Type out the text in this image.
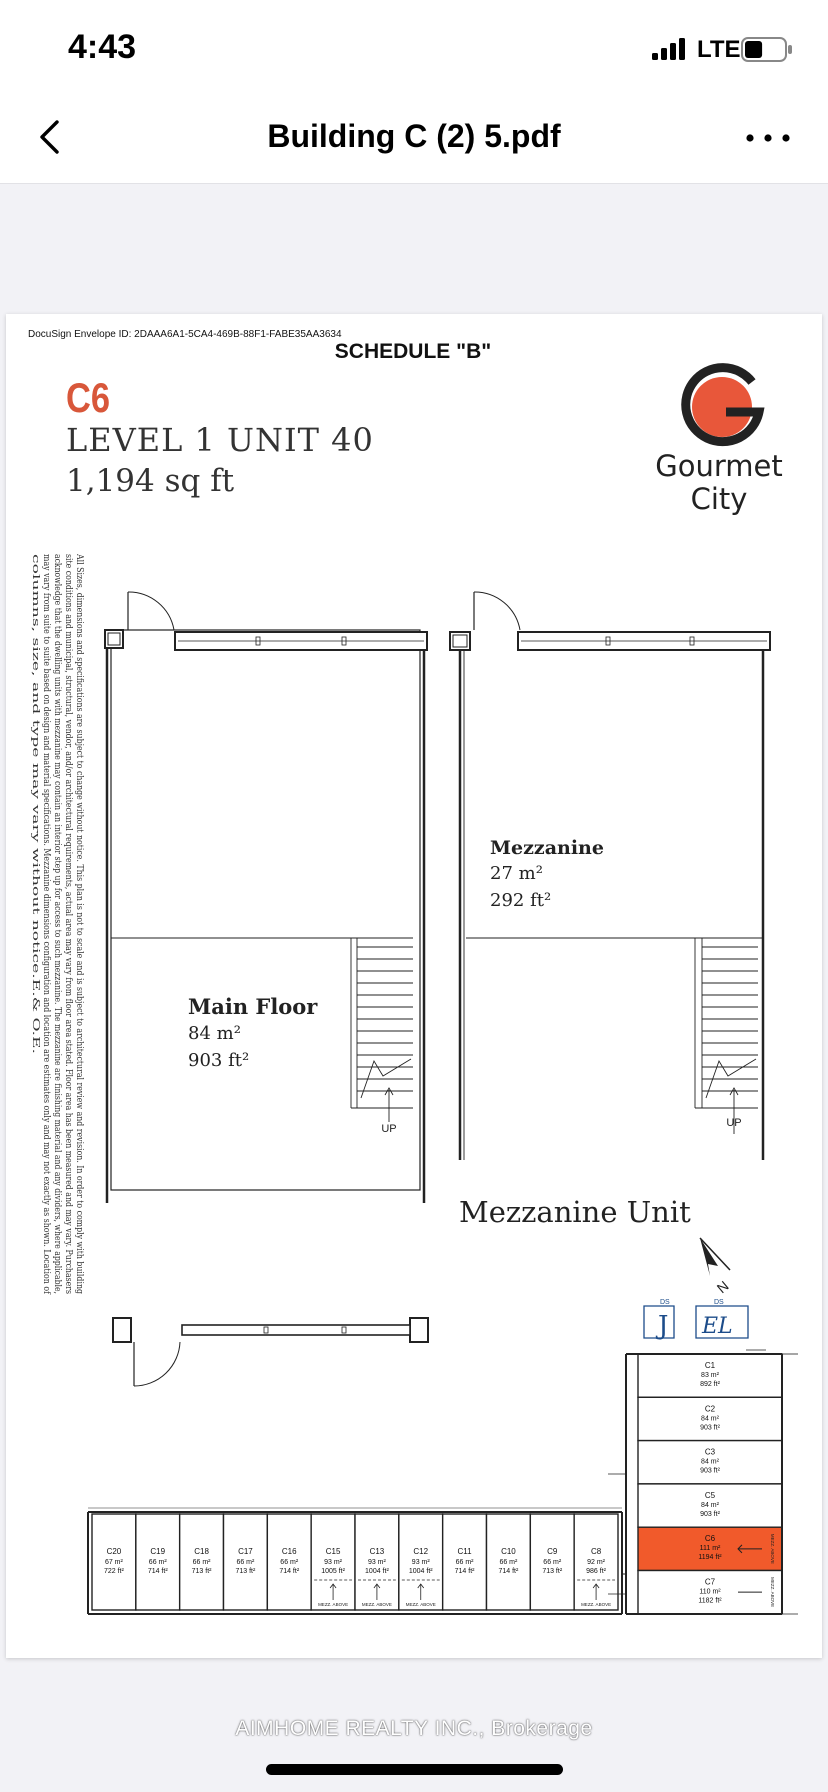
4:43	LTE
Building C (2) 5.pdf
DocuSign Envelope ID: 2DAAA6A1-5CA4-469B-88F1-FABE35AA3634
SCHEDULE "B"
C6
LEVEL 1 UNIT 40
1,194 sq ft	Gourmet
City
All Sizes, dimensions and specifications are subject to change without notice. This plan is not to scale and is subject to architectural review and revision. In order to comply with building
site conditions and municipal, structural, vendor, and/or architectural requirements, actual area may vary from floor area stated. Floor area has been measured and may vary. Purchasers
acknowledge that the dwelling units with mezzanine may contain an interior step up for access to such mezzanine. The mezzanine are finishing material and any dividers, where applicable,
may vary from suite to suite based on design and material specifications. Mezzanine dimensions configuration and location are estimates only and may not exactly as shown. Location of
columns, size, and type may vary without notice.E.& O.E.
UP
Main Floor
84 m²
903 ft²
UP
Mezzanine
27 m²
292 ft²
Mezzanine Unit
N
DS
J
DS
EL
C1
83 m²
892 ft²
C2
84 m²
903 ft²
C3
84 m²
903 ft²
C5
84 m²
903 ft²
C6
111 m²
1194 ft²	MEZZ. ABOVE
C7
110 m²
1182 ft²	MEZZ. ABOVE
C20
67 m²
722 ft²
C19
66 m²
714 ft²
C18
66 m²
713 ft²
C17
66 m²
713 ft²
C16
66 m²
714 ft²
C15
93 m²
1005 ft²
MEZZ. ABOVE
C13
93 m²
1004 ft²
MEZZ. ABOVE
C12
93 m²
1004 ft²
MEZZ. ABOVE
C11
66 m²
714 ft²
C10
66 m²
714 ft²
C9
66 m²
713 ft²
C8
92 m²
986 ft²
MEZZ. ABOVE
AIMHOME REALTY INC., Brokerage
